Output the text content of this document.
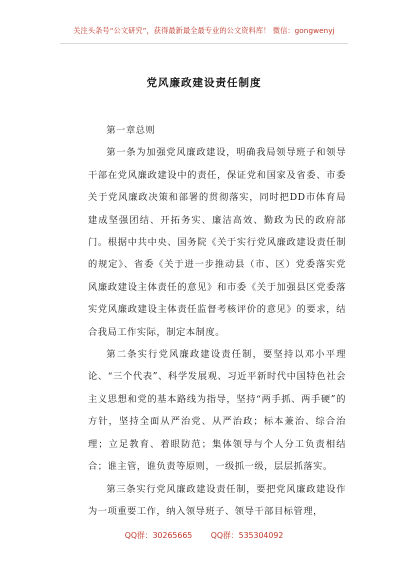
关注头条号“公文研究”，获得最新最全最专业的公文资料库！ 微信：gongwenyj
党风廉政建设责任制度

第一章总则

第一条为加强党风廉政建设，明确我局领导班子和领导干部在党风廉政建设中的责任，保证党和国家及省委、市委关于党风廉政决策和部署的贯彻落实，同时把DD市体育局建成坚强团结、开拓务实、廉洁高效、勤政为民的政府部门。根据中共中央、国务院《关于实行党风廉政建设责任制的规定》、省委《关于进一步推动县（市、区）党委落实党风廉政建设主体责任的意见》和市委《关于加强县区党委落实党风廉政建设主体责任监督考核评价的意见》的要求，结合我局工作实际，制定本制度。

第二条实行党风廉政建设责任制，要坚持以邓小平理论、“三个代表”、科学发展观、习近平新时代中国特色社会主义思想和党的基本路线为指导，坚持“两手抓、两手硬”的方针，坚持全面从严治党、从严治政；标本兼治、综合治理；立足教育、着眼防范；集体领导与个人分工负责相结合；谁主管，谁负责等原则，一级抓一级，层层抓落实。

第三条实行党风廉政建设责任制，要把党风廉政建设作为一项重要工作，纳入领导班子、领导干部目标管理，

QQ群：30265665 QQ群：535304092
